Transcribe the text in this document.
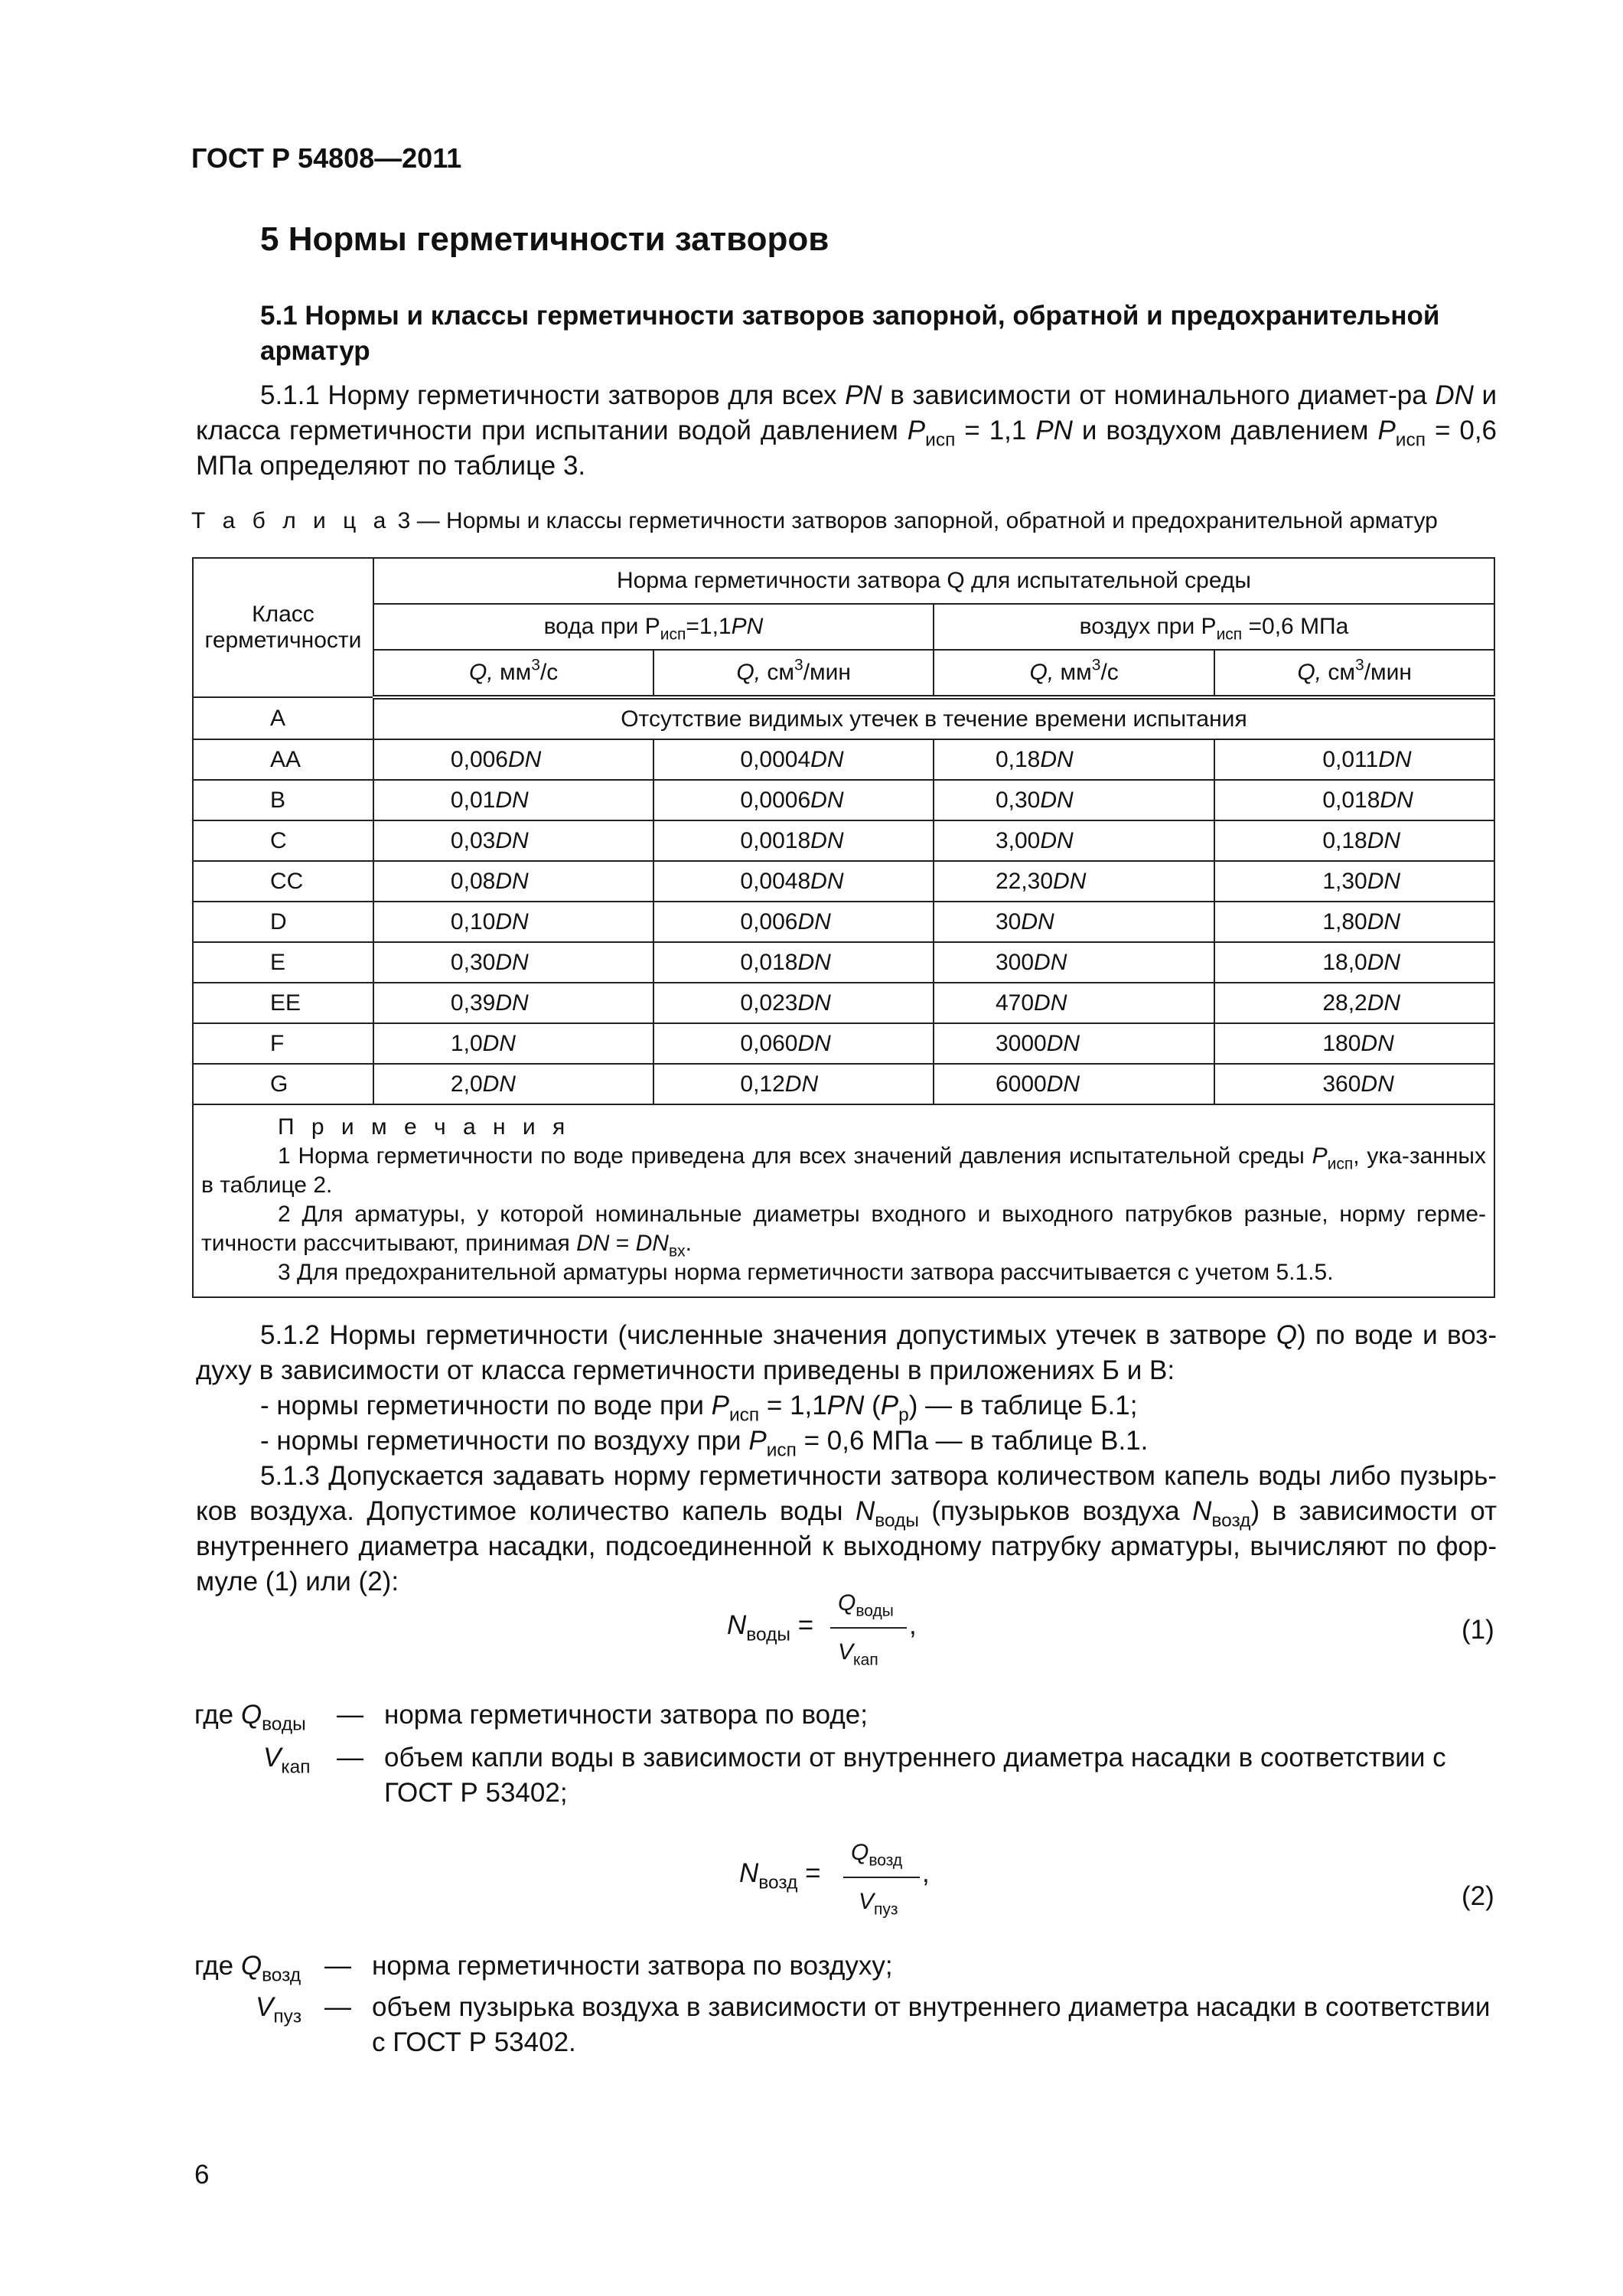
ГОСТ Р 54808—2011
5 Нормы герметичности затворов
5.1 Нормы и классы герметичности затворов запорной, обратной и предохранительной
арматур
5.1.1 Норму герметичности затворов для всех PN в зависимости от номинального диамет-ра DN и класса герметичности при испытании водой давлением $P_{исп} = 1,1$ PN и воздухом давлением $P_{исп} = 0,6$ МПа определяют по таблице 3.
Т а б л и ц а 3 — Нормы и классы герметичности затворов запорной, обратной и предохранительной арматур
Класс
герметичности	Норма герметичности затвора Q для испытательной среды			
	вода при $P_{исп}=1,1PN$		воздух при $P_{исп} =0,6$ МПа	
	Q, $мм^3/с$	Q, $см^3$/мин	Q, $мм^3/с$	Q, $см^3$/мин
A	Отсутствие видимых утечек в течение времени испытания			
AA	0,006DN	0,0004DN	0,18DN	0,011DN
B	0,01DN	0,0006DN	0,30DN	0,018DN
C	0,03DN	0,0018DN	3,00DN	0,18DN
CC	0,08DN	0,0048DN	22,30DN	1,30DN
D	0,10DN	0,006DN	30DN	1,80DN
E	0,30DN	0,018DN	300DN	18,0DN
EE	0,39DN	0,023DN	470DN	28,2DN
F	1,0DN	0,060DN	3000DN	180DN
G	2,0DN	0,12DN	6000DN	360DN

П р и м е ч а н и я
1 Норма герметичности по воде приведена для всех значений давления испытательной среды $P_{исп}$, ука-занных в таблице 2.
2 Для арматуры, у которой номинальные диаметры входного и выходного патрубков разные, норму герме-тичности рассчитывают, принимая DN = $DN_{вх}$.
3 Для предохранительной арматуры норма герметичности затвора рассчитывается с учетом 5.1.5.				
5.1.2 Нормы герметичности (численные значения допустимых утечек в затворе Q) по воде и воз-духу в зависимости от класса герметичности приведены в приложениях Б и В:
- нормы герметичности по воде при $P_{исп} = 1,1PN$ $(P_р)$ — в таблице Б.1;
- нормы герметичности по воздуху при $P_{исп} = 0,6$ МПа — в таблице В.1.
5.1.3 Допускается задавать норму герметичности затвора количеством капель воды либо пузырь-ков воздуха. Допустимое количество капель воды $N_{воды}$ (пузырьков воздуха $N_{возд}$) в зависимости от внутреннего диаметра насадки, подсоединенной к выходному патрубку арматуры, вычисляют по фор-муле (1) или (2):
$N_{воды}$ =
$Q_{воды}$
$V_{кап}$
,	(1)
где $Q_{воды}$ — норма герметичности затвора по воде;
$V_{кап}$ — объем капли воды в зависимости от внутреннего диаметра насадки в соответствии с
ГОСТ Р 53402;
$N_{возд}$ =
$Q_{возд}$
$V_{пуз}$
,
(2)
где $Q_{возд}$ — норма герметичности затвора по воздуху;
$V_{пуз}$ — объем пузырька воздуха в зависимости от внутреннего диаметра насадки в соответствии
с ГОСТ Р 53402.
6
